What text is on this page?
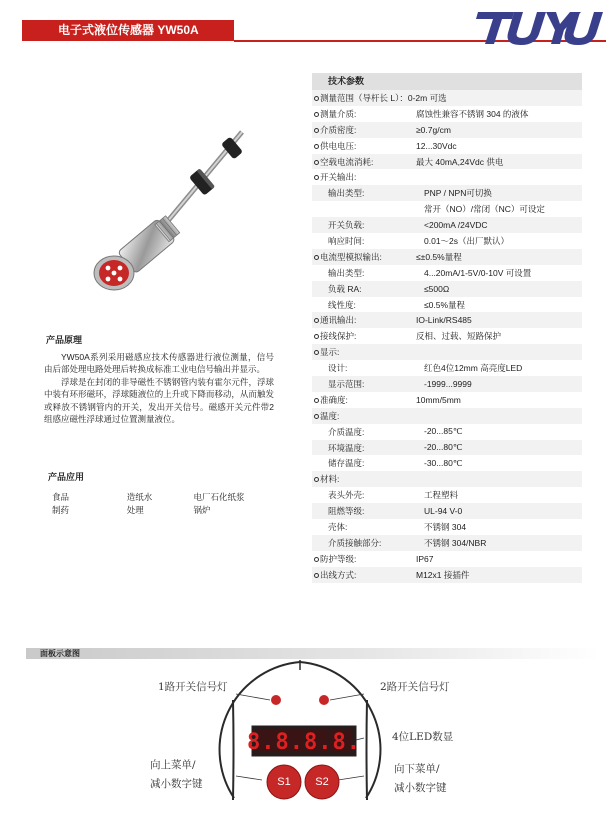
电子式液位传感器 YW50A
技术参数
测量范围（导杆长 L）：0-2m 可选
测量介质:	腐蚀性兼容不锈钢 304 的液体
介质密度:	≥0.7g/cm
供电电压:	12...30Vdc
空载电流消耗:	最大 40mA,24Vdc 供电
开关输出:
输出类型:	PNP / NPN可切换
常开（NO）/常闭（NC）可设定
开关负载:	<200mA /24VDC
响应时间:	0.01～2s（出厂默认）
电流型模拟输出:	≤±0.5%量程
输出类型:	4...20mA/1-5V/0-10V 可设置
负载 RA:	≤500Ω
线性度:	≤0.5%量程
通讯输出:	IO-Link/RS485
接线保护:	反相、过载、短路保护
显示:
设计:	红色4位12mm 高亮度LED
显示范围:	-1999...9999
准确度:	10mm/5mm
温度:
介质温度:	-20...85℃
环境温度:	-20...80℃
储存温度:	-30...80℃
材料:
表头外壳:	工程塑料
阻燃等级:	UL-94 V-0
壳体:	不锈钢 304
介质接触部分:	不锈钢 304/NBR
防护等级:	IP67
出线方式:	M12x1 接插件
产品原理

YW50A系列采用磁感应技术传感器进行液位测量，信号由后部处理电路处理后转换成标准工业电信号输出并显示。

浮球是在封闭的非导磁性不锈钢管内装有霍尔元件，浮球中装有环形磁环，浮球随液位的上升或下降而移动，从而触发或释放不锈钢管内的开关，发出开关信号。磁感开关元件带2组感应磁性浮球通过位置测量液位。

产品应用
食品	造纸水	电厂石化纸浆
制药	处理	锅炉
面板示意图
8.8.8.8.
1路开关信号灯	2路开关信号灯
4位LED数显
向上菜单/
减小数字键
向下菜单/
减小数字键
S1	S2
